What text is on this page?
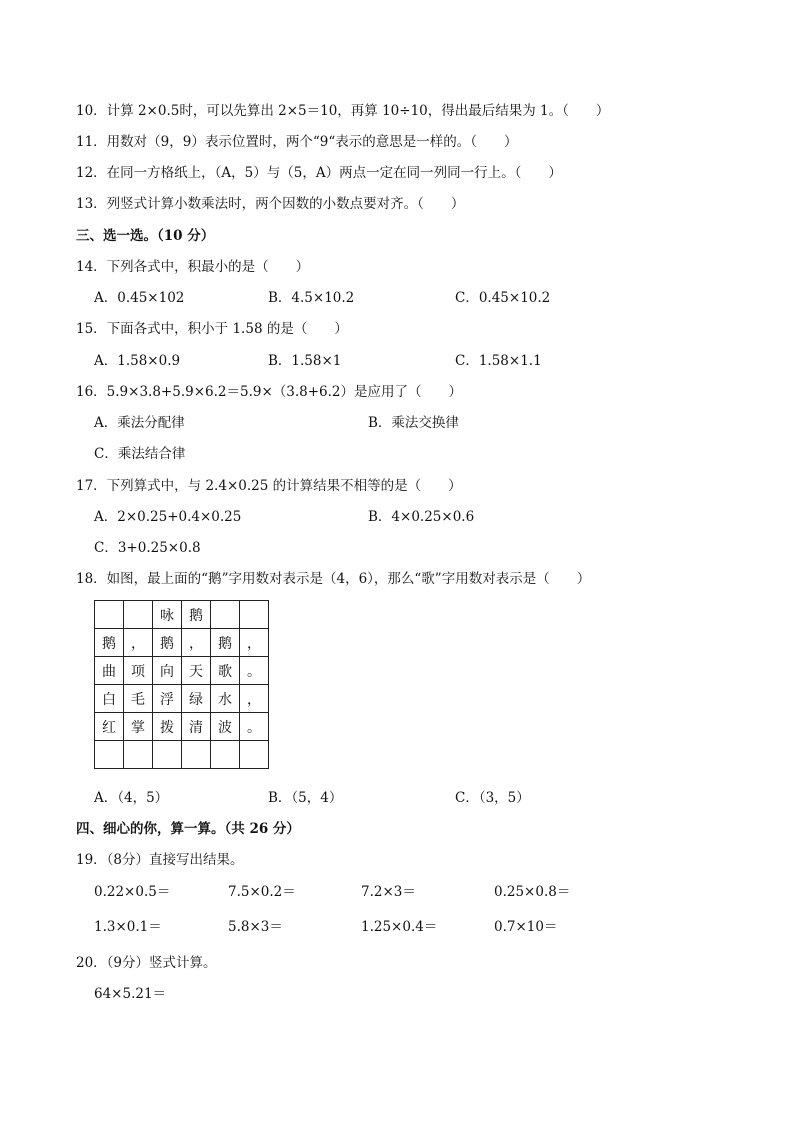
10．计算 2×0.5时，可以先算出 2×5＝10，再算 10÷10，得出最后结果为 1。（　　）
11．用数对（9，9）表示位置时，两个“9“表示的意思是一样的。（　　）
12．在同一方格纸上，（A，5）与（5，A）两点一定在同一列同一行上。（　　）
13．列竖式计算小数乘法时，两个因数的小数点要对齐。（　　）
三、选一选。（10 分）
14．下列各式中，积最小的是（　　）
A．0.45×102	B．4.5×10.2	C．0.45×10.2
15．下面各式中，积小于 1.58 的是（　　）
A．1.58×0.9	B．1.58×1	C．1.58×1.1
16．5.9×3.8+5.9×6.2＝5.9×（3.8+6.2）是应用了（　　）
A．乘法分配律	B．乘法交换律
C．乘法结合律
17．下列算式中，与 2.4×0.25 的计算结果不相等的是（　　）
A．2×0.25+0.4×0.25	B．4×0.25×0.6
C．3+0.25×0.8
18．如图，最上面的“鹅”字用数对表示是（4，6），那么“歌”字用数对表示是（　　）
		咏	鹅		
鹅	，	鹅	，	鹅	，
曲	项	向	天	歌	。
白	毛	浮	绿	水	，
红	掌	拨	清	波	。

A．（4，5）	B．（5，4）	C．（3，5）
四、细心的你，算一算。（共 26 分）
19．（8分）直接写出结果。
0.22×0.5＝	7.5×0.2＝	7.2×3＝	0.25×0.8＝
1.3×0.1＝	5.8×3＝	1.25×0.4＝	0.7×10＝
20．（9分）竖式计算。
64×5.21＝
